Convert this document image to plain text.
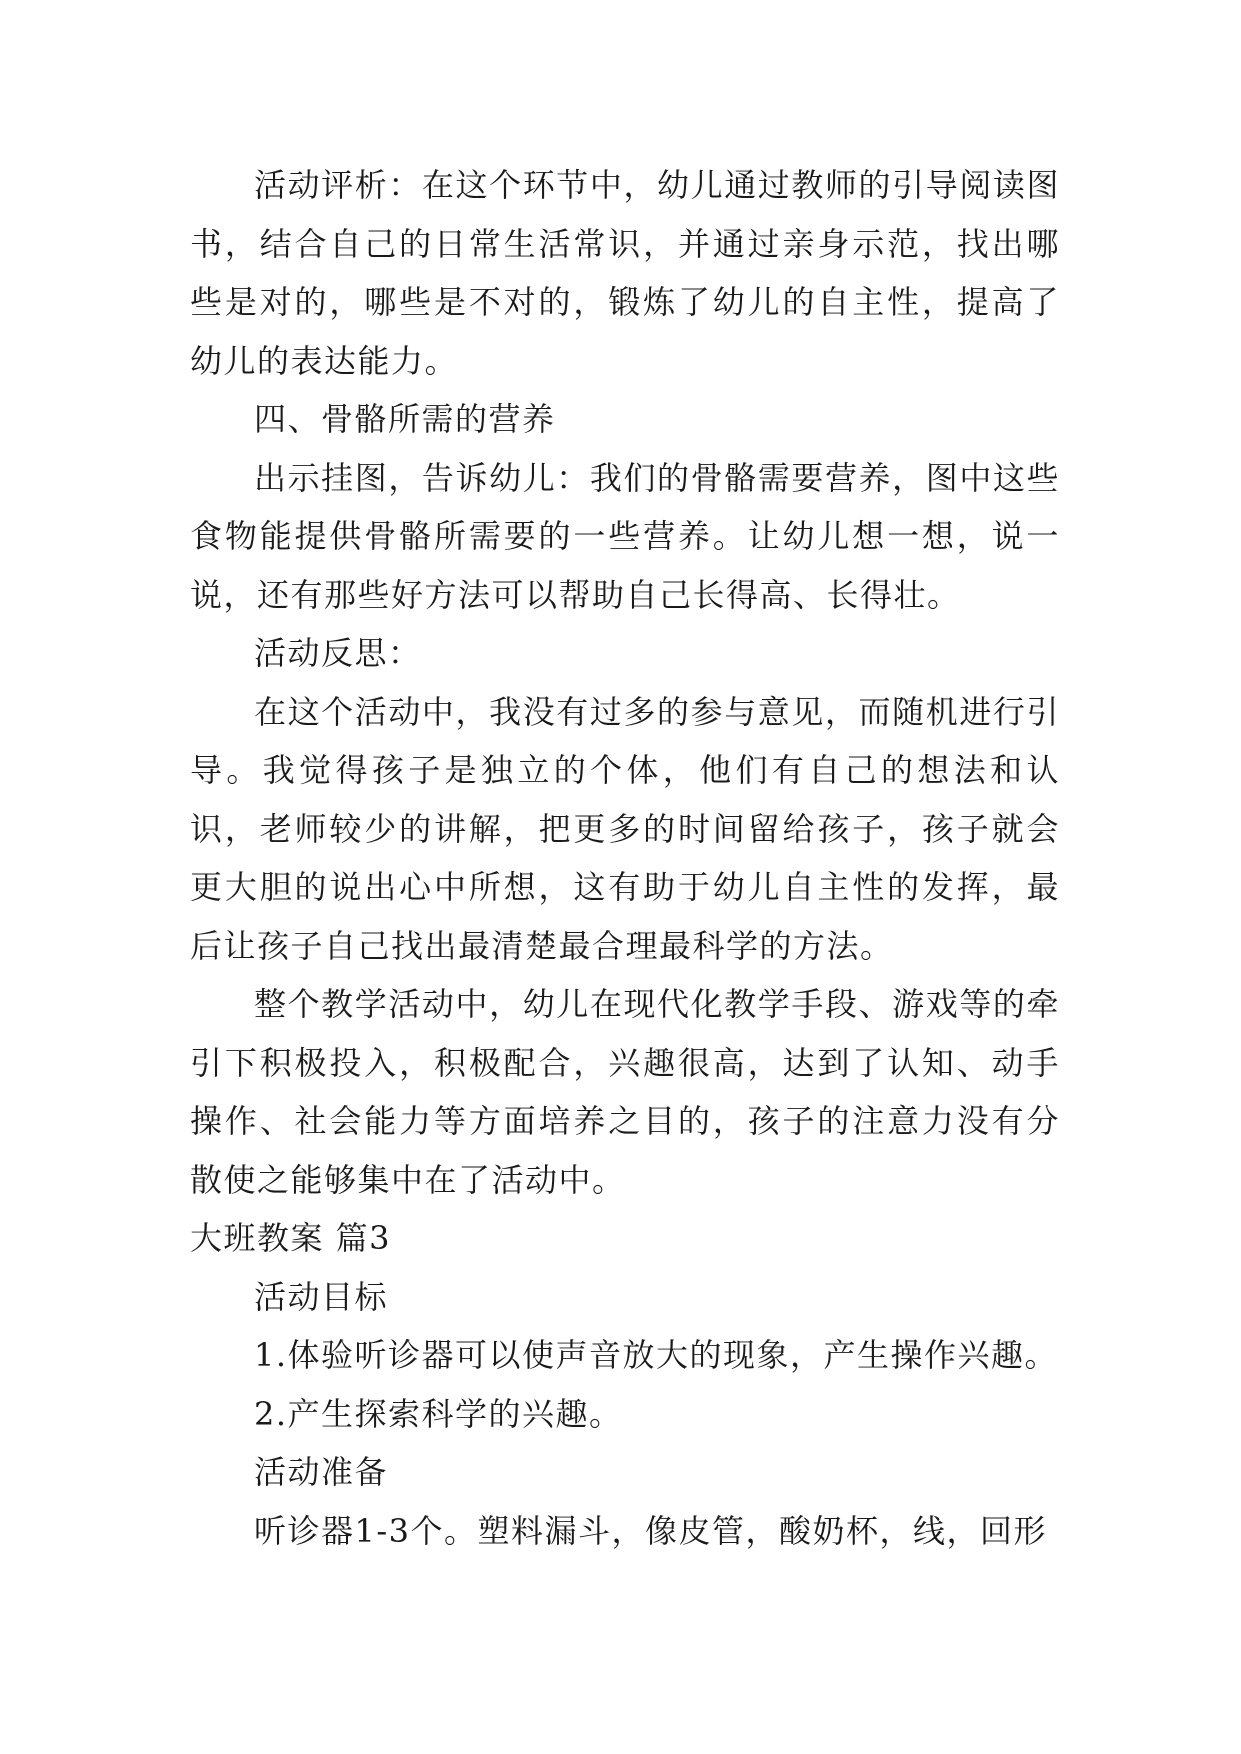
活动评析：在这个环节中，幼儿通过教师的引导阅读图书，结合自己的日常生活常识，并通过亲身示范，找出哪些是对的，哪些是不对的，锻炼了幼儿的自主性，提高了幼儿的表达能力。

四、骨骼所需的营养

出示挂图，告诉幼儿：我们的骨骼需要营养，图中这些食物能提供骨骼所需要的一些营养。让幼儿想一想，说一说，还有那些好方法可以帮助自己长得高、长得壮。

活动反思：

在这个活动中，我没有过多的参与意见，而随机进行引导。我觉得孩子是独立的个体，他们有自己的想法和认识，老师较少的讲解，把更多的时间留给孩子，孩子就会更大胆的说出心中所想，这有助于幼儿自主性的发挥，最后让孩子自己找出最清楚最合理最科学的方法。

整个教学活动中，幼儿在现代化教学手段、游戏等的牵引下积极投入，积极配合，兴趣很高，达到了认知、动手操作、社会能力等方面培养之目的，孩子的注意力没有分散使之能够集中在了活动中。

大班教案 篇3

活动目标

1.体验听诊器可以使声音放大的现象，产生操作兴趣。

2.产生探索科学的兴趣。

活动准备

听诊器1-3个。塑料漏斗，像皮管，酸奶杯，线，回形
